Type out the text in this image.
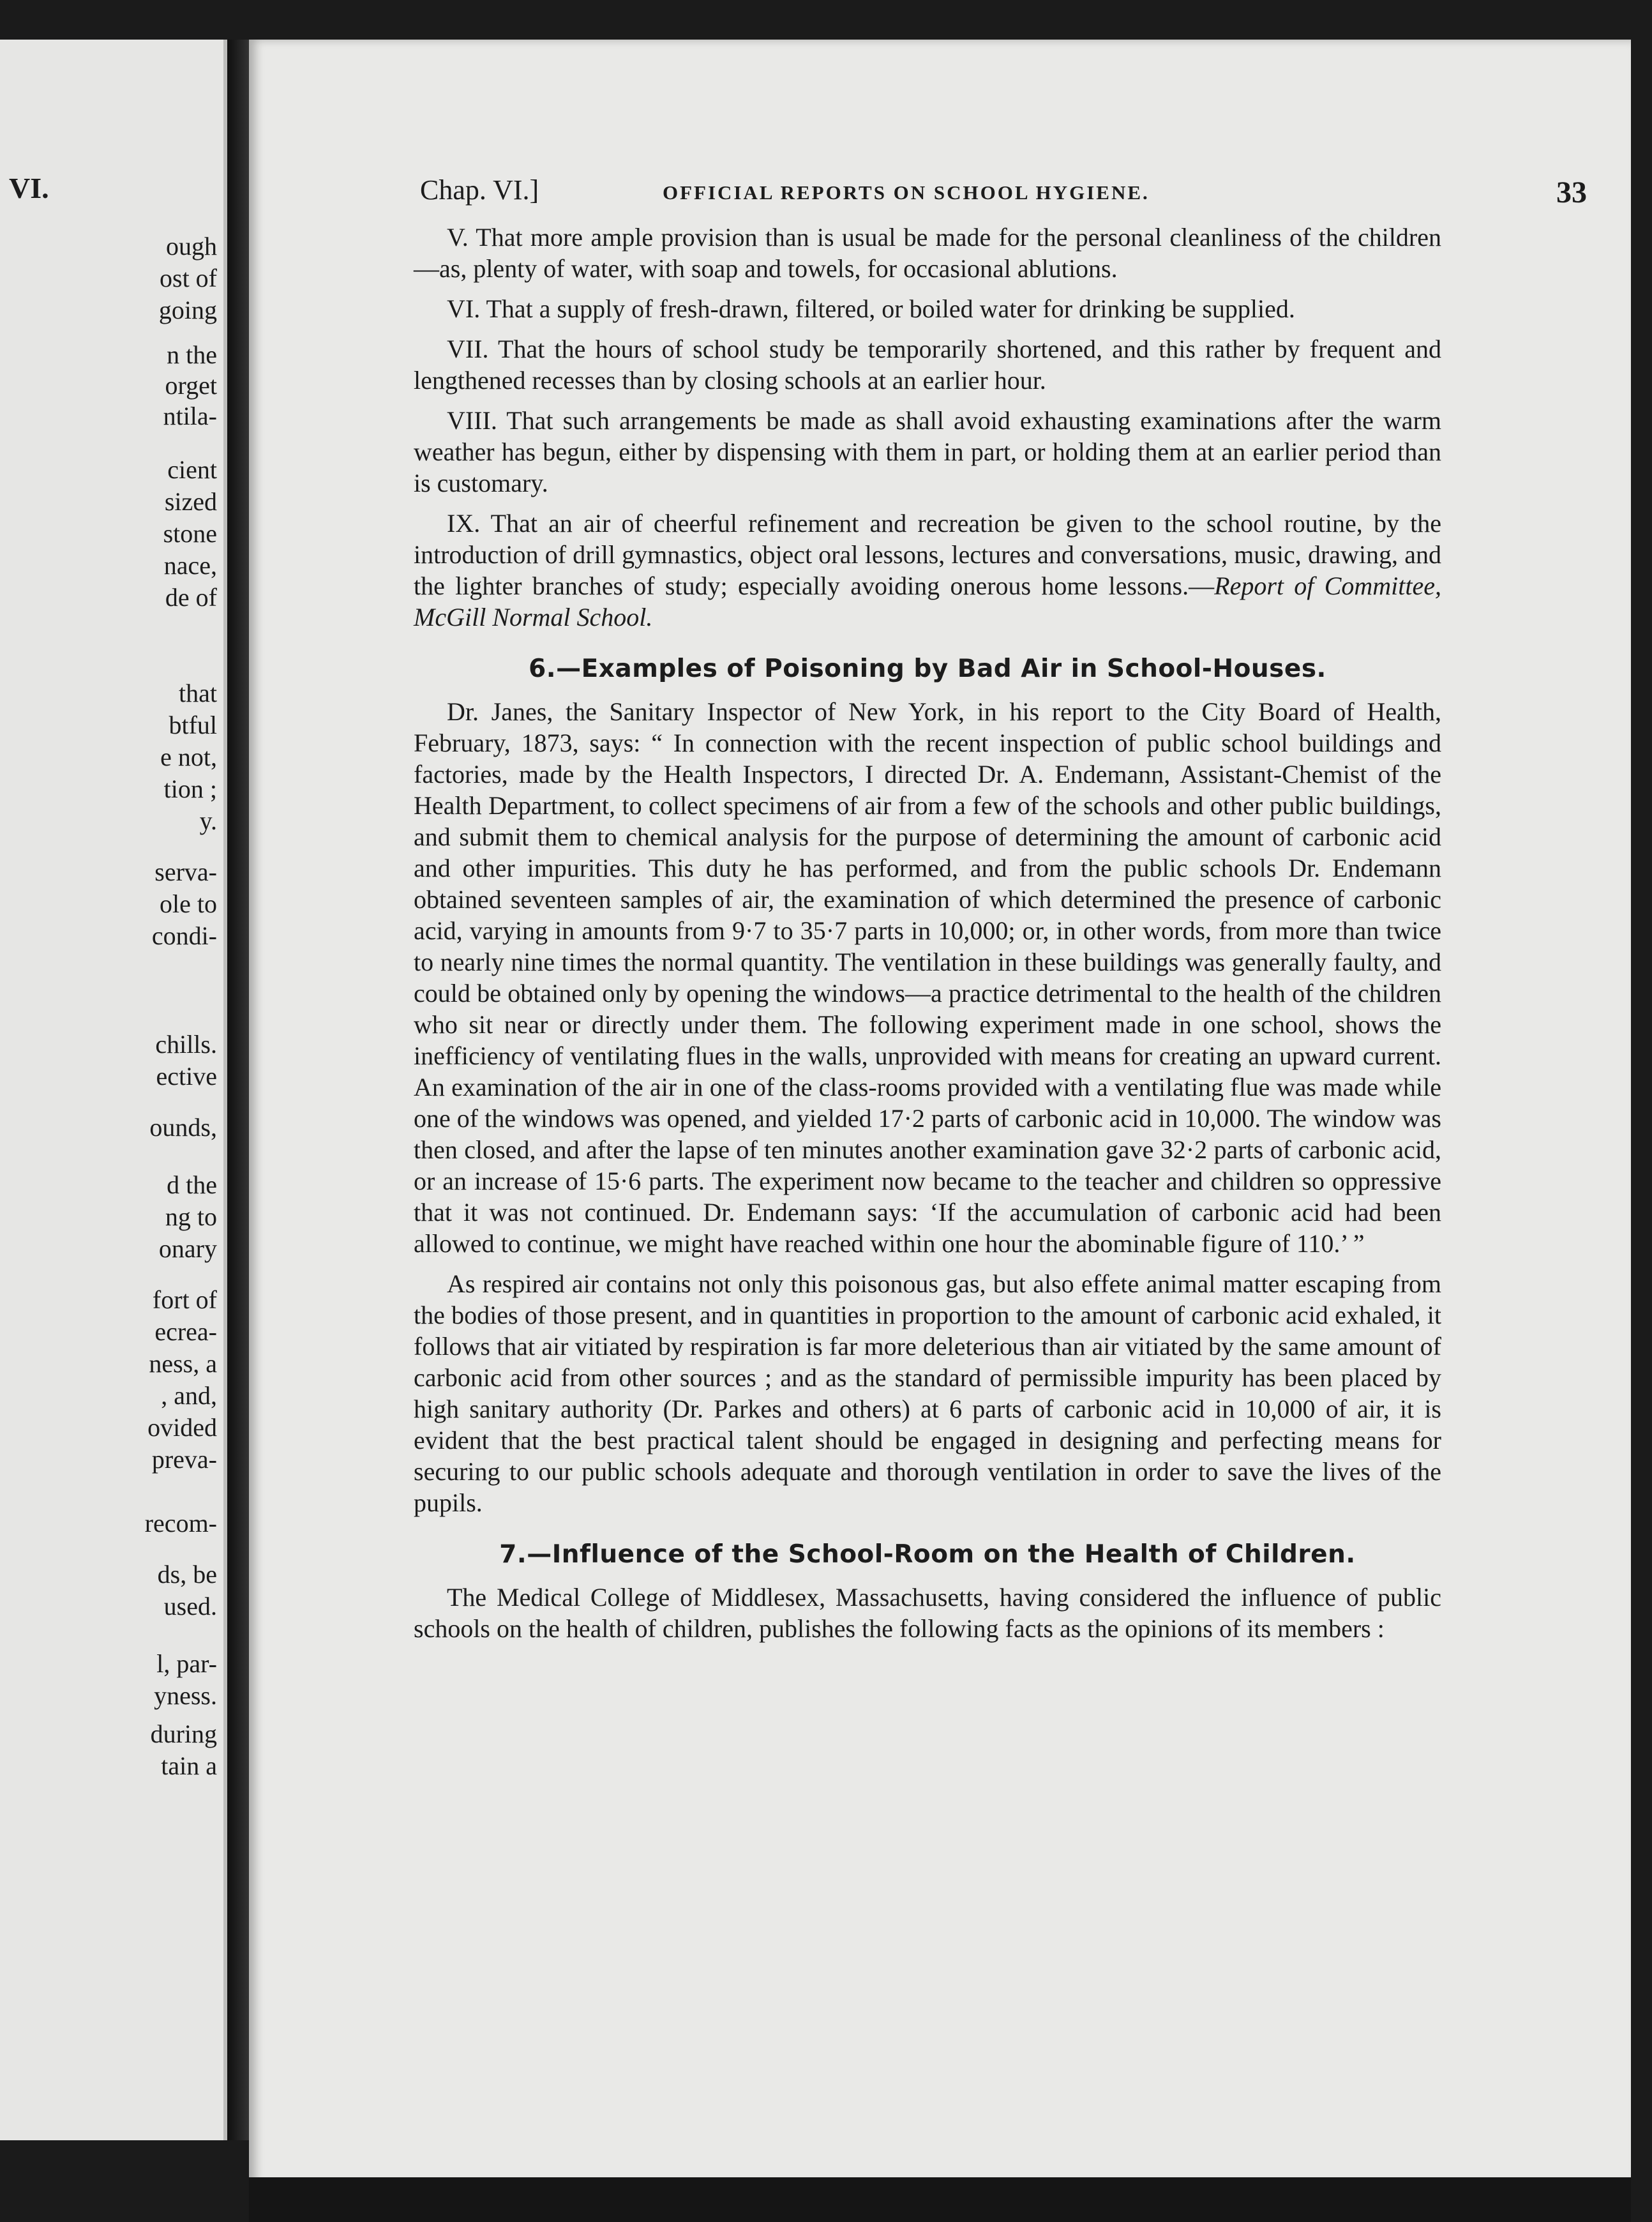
VI.
ough
ost of
going
n the
orget
ntila-
cient
sized
stone
nace,
de of
that
btful
e not,
tion ;
y.
serva-
ole to
condi-
chills.
ective
ounds,
d the
ng to
onary
fort of
ecrea-
ness, a
, and,
ovided
preva-
recom-
ds, be
used.
l, par-
yness.
during
tain a
Chap. VI.]	OFFICIAL REPORTS ON SCHOOL HYGIENE.	33

V. That more ample provision than is usual be made for the personal cleanliness of the children—as, plenty of water, with soap and towels, for occasional ablutions.

VI. That a supply of fresh-drawn, filtered, or boiled water for drinking be supplied.

VII. That the hours of school study be temporarily shortened, and this rather by frequent and lengthened recesses than by closing schools at an earlier hour.

VIII. That such arrangements be made as shall avoid exhausting examinations after the warm weather has begun, either by dispensing with them in part, or holding them at an earlier period than is customary.

IX. That an air of cheerful refinement and recreation be given to the school routine, by the introduction of drill gymnastics, object oral lessons, lectures and conversations, music, drawing, and the lighter branches of study; especially avoiding onerous home lessons.—Report of Committee, McGill Normal School.

6.—Examples of Poisoning by Bad Air in School-Houses.

Dr. Janes, the Sanitary Inspector of New York, in his report to the City Board of Health, February, 1873, says: “ In connection with the recent inspection of public school buildings and factories, made by the Health Inspectors, I directed Dr. A. Endemann, Assistant-Chemist of the Health Department, to collect specimens of air from a few of the schools and other public buildings, and submit them to chemical analysis for the purpose of determining the amount of carbonic acid and other impurities. This duty he has performed, and from the public schools Dr. Endemann obtained seventeen samples of air, the examination of which determined the presence of carbonic acid, varying in amounts from 9·7 to 35·7 parts in 10,000; or, in other words, from more than twice to nearly nine times the normal quantity. The ventilation in these buildings was generally faulty, and could be obtained only by opening the windows—a practice detrimental to the health of the children who sit near or directly under them. The following experiment made in one school, shows the inefficiency of ventilating flues in the walls, unprovided with means for creating an upward current. An examination of the air in one of the class-rooms provided with a ventilating flue was made while one of the windows was opened, and yielded 17·2 parts of carbonic acid in 10,000. The window was then closed, and after the lapse of ten minutes another examination gave 32·2 parts of carbonic acid, or an increase of 15·6 parts. The experiment now became to the teacher and children so oppressive that it was not continued. Dr. Endemann says: ‘If the accumulation of carbonic acid had been allowed to continue, we might have reached within one hour the abominable figure of 110.’ ”

As respired air contains not only this poisonous gas, but also effete animal matter escaping from the bodies of those present, and in quantities in proportion to the amount of carbonic acid exhaled, it follows that air vitiated by respiration is far more deleterious than air vitiated by the same amount of carbonic acid from other sources ; and as the standard of permissible impurity has been placed by high sanitary authority (Dr. Parkes and others) at 6 parts of carbonic acid in 10,000 of air, it is evident that the best practical talent should be engaged in designing and perfecting means for securing to our public schools adequate and thorough ventilation in order to save the lives of the pupils.

7.—Influence of the School-Room on the Health of Children.

The Medical College of Middlesex, Massachusetts, having considered the influence of public schools on the health of children, publishes the following facts as the opinions of its members :
